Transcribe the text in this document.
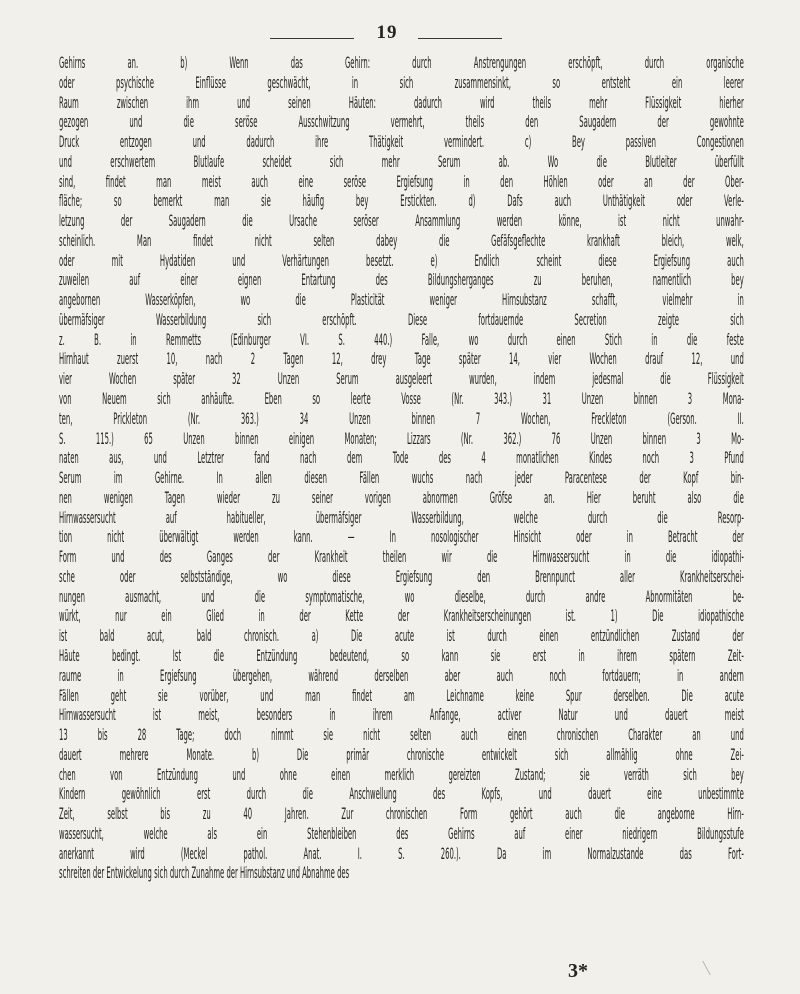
19
Gehirns an. b) Wenn das Gehirn: durch Anstrengungen erschöpft, durch organische
oder psychische Einflüsse geschwächt, in sich zusammensinkt, so entsteht ein leerer
Raum zwischen ihm und seinen Häuten: dadurch wird theils mehr Flüssigkeit hierher
gezogen und die seröse Ausschwitzung vermehrt, theils den Saugadern der gewohnte
Druck entzogen und dadurch ihre Thätigkeit vermindert. c) Bey passiven Congestionen
und erschwertem Blutlaufe scheidet sich mehr Serum ab. Wo die Blutleiter überfüllt
sind, findet man meist auch eine seröse Ergiefsung in den Höhlen oder an der Ober-
fläche; so bemerkt man sie häufig bey Erstickten. d) Dafs auch Unthätigkeit oder Verle-
letzung der Saugadern die Ursache seröser Ansammlung werden könne, ist nicht unwahr-
scheinlich. Man findet nicht selten dabey die Gefäfsgeflechte krankhaft bleich, welk,
oder mit Hydatiden und Verhärtungen besetzt. e) Endlich scheint diese Ergiefsung auch
zuweilen auf einer eignen Entartung des Bildungsherganges zu beruhen, namentlich bey
angebornen Wasserköpfen, wo die Plasticität weniger Hirnsubstanz schafft, vielmehr in
übermäfsiger Wasserbildung sich erschöpft. Diese fortdauernde Secretion zeigte sich
z. B. in Remmetts (Edinburger VI. S. 440.) Falle, wo durch einen Stich in die feste
Hirnhaut zuerst 10, nach 2 Tagen 12, drey Tage später 14, vier Wochen drauf 12, und
vier Wochen später 32 Unzen Serum ausgeleert wurden, indem jedesmal die Flüssigkeit
von Neuem sich anhäufte. Eben so leerte Vosse (Nr. 343.) 31 Unzen binnen 3 Mona-
ten, Prickleton (Nr. 363.) 34 Unzen binnen 7 Wochen, Freckleton (Gerson. II.
S. 115.) 65 Unzen binnen einigen Monaten; Lizzars (Nr. 362.) 76 Unzen binnen 3 Mo-
naten aus, und Letztrer fand nach dem Tode des 4 monatlichen Kindes noch 3 Pfund
Serum im Gehirne. In allen diesen Fällen wuchs nach jeder Paracentese der Kopf bin-
nen wenigen Tagen wieder zu seiner vorigen abnormen Gröfse an. Hier beruht also die
Hirnwassersucht auf habitueller, übermäfsiger Wasserbildung, welche durch die Resorp-
tion nicht überwältigt werden kann. — In nosologischer Hinsicht oder in Betracht der
Form und des Ganges der Krankheit theilen wir die Hirnwassersucht in die idiopathi-
sche oder selbstständige, wo diese Ergiefsung den Brennpunct aller Krankheitserschei-
nungen ausmacht, und die symptomatische, wo dieselbe, durch andre Abnormitäten be-
würkt, nur ein Glied in der Kette der Krankheitserscheinungen ist. 1) Die idiopathische
ist bald acut, bald chronisch. a) Die acute ist durch einen entzündlichen Zustand der
Häute bedingt. Ist die Entzündung bedeutend, so kann sie erst in ihrem spätern Zeit-
raume in Ergiefsung übergehen, während derselben aber auch noch fortdauern; in andern
Fällen geht sie vorüber, und man findet am Leichname keine Spur derselben. Die acute
Hirnwassersucht ist meist, besonders in ihrem Anfange, activer Natur und dauert meist
13 bis 28 Tage; doch nimmt sie nicht selten auch einen chronischen Charakter an und
dauert mehrere Monate. b) Die primär chronische entwickelt sich allmählig ohne Zei-
chen von Entzündung und ohne einen merklich gereizten Zustand; sie verräth sich bey
Kindern gewöhnlich erst durch die Anschwellung des Kopfs, und dauert eine unbestimmte
Zeit, selbst bis zu 40 Jahren. Zur chronischen Form gehört auch die angeborne Hirn-
wassersucht, welche als ein Stehenbleiben des Gehirns auf einer niedrigern Bildungsstufe
anerkannt wird (Meckel pathol. Anat. I. S. 260.). Da im Normalzustande das Fort-
schreiten der Entwickelung sich durch Zunahme der Hirnsubstanz und Abnahme des
3*
